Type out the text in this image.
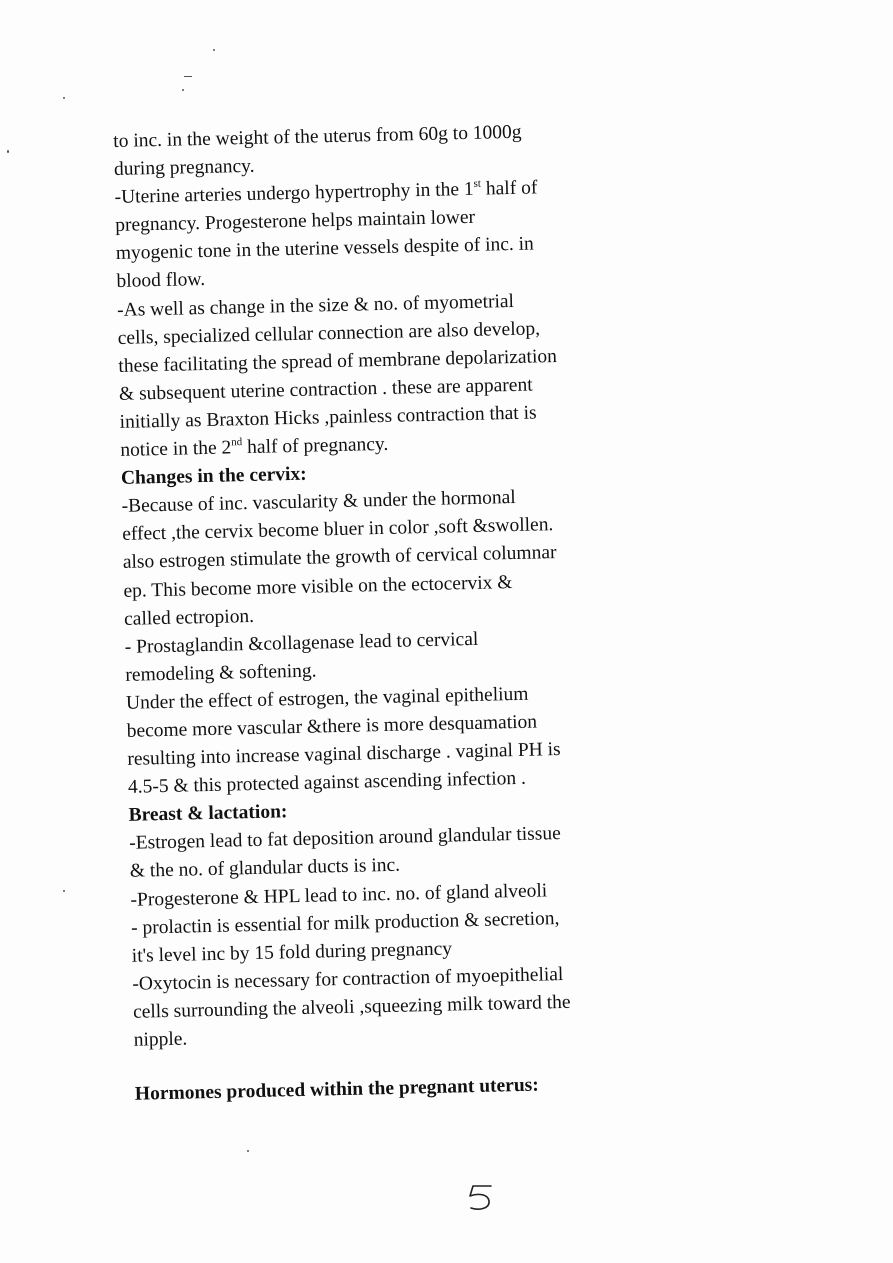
to inc. in the weight of the uterus from 60g to 1000g
during pregnancy.
-Uterine arteries undergo hypertrophy in the 1st half of
pregnancy. Progesterone helps maintain lower
myogenic tone in the uterine vessels despite of inc. in
blood flow.
-As well as change in the size & no. of myometrial
cells, specialized cellular connection are also develop,
these facilitating the spread of membrane depolarization
& subsequent uterine contraction . these are apparent
initially as Braxton Hicks ,painless contraction that is
notice in the 2nd half of pregnancy.
Changes in the cervix:
-Because of inc. vascularity & under the hormonal
effect ,the cervix become bluer in color ,soft &swollen.
also estrogen stimulate the growth of cervical columnar
ep. This become more visible on the ectocervix &
called ectropion.
- Prostaglandin &collagenase lead to cervical
remodeling & softening.
Under the effect of estrogen, the vaginal epithelium
become more vascular &there is more desquamation
resulting into increase vaginal discharge . vaginal PH is
4.5-5 & this protected against ascending infection .
Breast & lactation:
-Estrogen lead to fat deposition around glandular tissue
& the no. of glandular ducts is inc.
-Progesterone & HPL lead to inc. no. of gland alveoli
- prolactin is essential for milk production & secretion,
it's level inc by 15 fold during pregnancy
-Oxytocin is necessary for contraction of myoepithelial
cells surrounding the alveoli ,squeezing milk toward the
nipple.
Hormones produced within the pregnant uterus:
